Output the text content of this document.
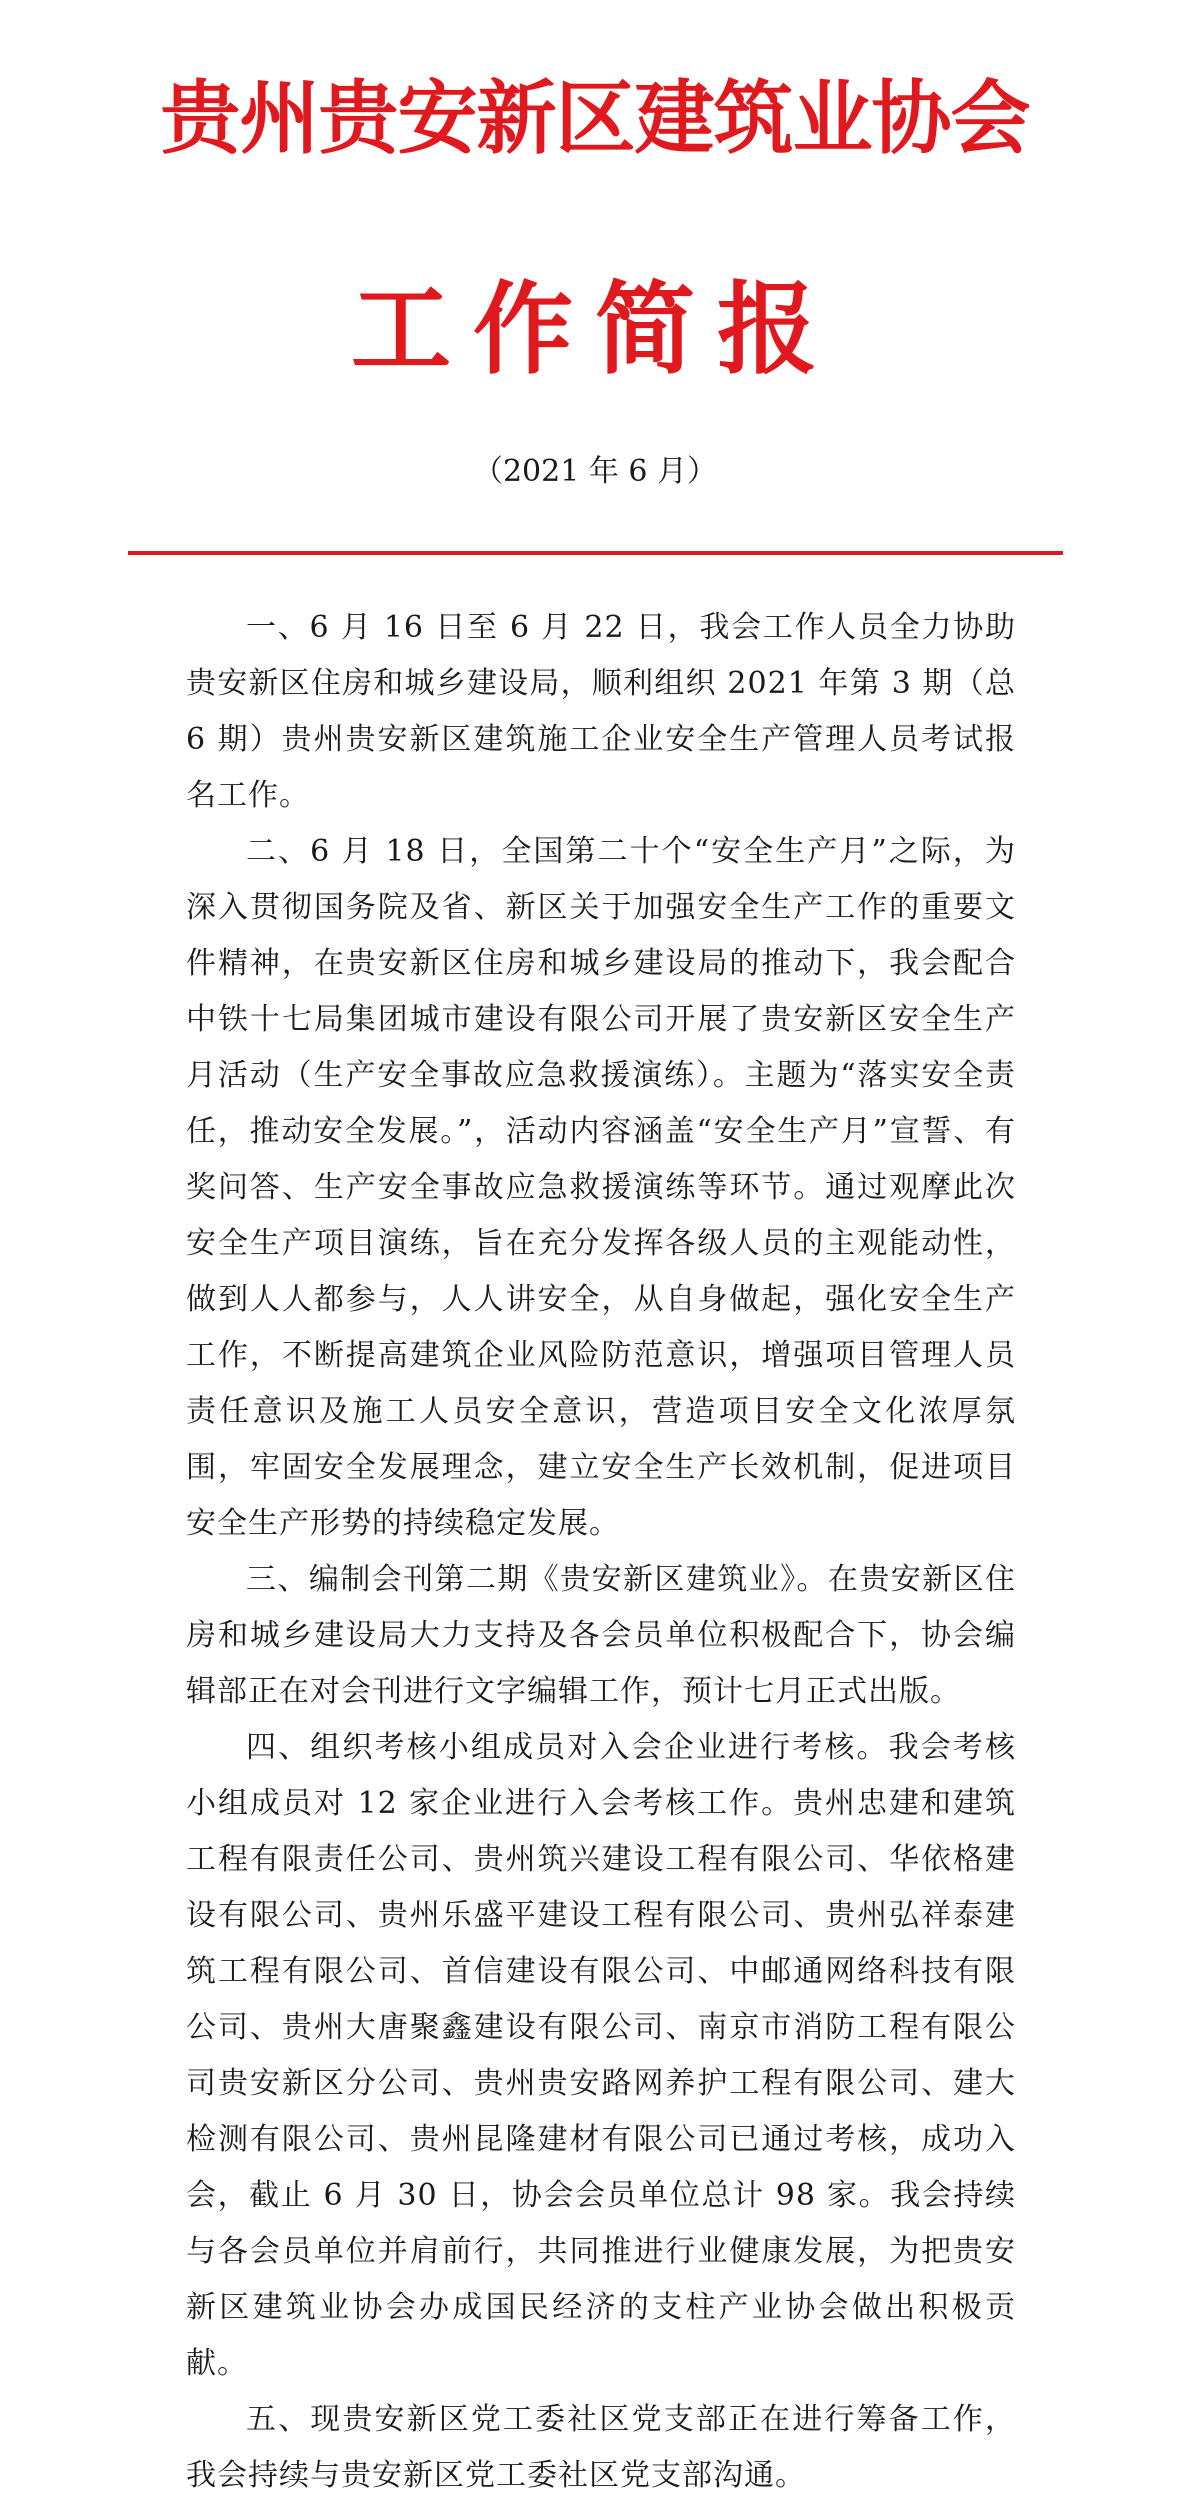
贵州贵安新区建筑业协会
工作简报
（2021 年 6 月）

一、6 月 16 日至 6 月 22 日，我会工作人员全力协助贵安新区住房和城乡建设局，顺利组织 2021 年第 3 期（总 6 期）贵州贵安新区建筑施工企业安全生产管理人员考试报名工作。

二、6 月 18 日，全国第二十个“安全生产月”之际，为深入贯彻国务院及省、新区关于加强安全生产工作的重要文件精神，在贵安新区住房和城乡建设局的推动下，我会配合中铁十七局集团城市建设有限公司开展了贵安新区安全生产月活动（生产安全事故应急救援演练）。主题为“落实安全责任，推动安全发展。”，活动内容涵盖“安全生产月”宣誓、有奖问答、生产安全事故应急救援演练等环节。通过观摩此次安全生产项目演练，旨在充分发挥各级人员的主观能动性，做到人人都参与，人人讲安全，从自身做起，强化安全生产工作，不断提高建筑企业风险防范意识，增强项目管理人员责任意识及施工人员安全意识，营造项目安全文化浓厚氛围，牢固安全发展理念，建立安全生产长效机制，促进项目安全生产形势的持续稳定发展。

三、编制会刊第二期《贵安新区建筑业》。在贵安新区住房和城乡建设局大力支持及各会员单位积极配合下，协会编辑部正在对会刊进行文字编辑工作，预计七月正式出版。

四、组织考核小组成员对入会企业进行考核。我会考核小组成员对 12 家企业进行入会考核工作。贵州忠建和建筑工程有限责任公司、贵州筑兴建设工程有限公司、华依格建设有限公司、贵州乐盛平建设工程有限公司、贵州弘祥泰建筑工程有限公司、首信建设有限公司、中邮通网络科技有限公司、贵州大唐聚鑫建设有限公司、南京市消防工程有限公司贵安新区分公司、贵州贵安路网养护工程有限公司、建大检测有限公司、贵州昆隆建材有限公司已通过考核，成功入会，截止 6 月 30 日，协会会员单位总计 98 家。我会持续与各会员单位并肩前行，共同推进行业健康发展，为把贵安新区建筑业协会办成国民经济的支柱产业协会做出积极贡献。

五、现贵安新区党工委社区党支部正在进行筹备工作，我会持续与贵安新区党工委社区党支部沟通。
